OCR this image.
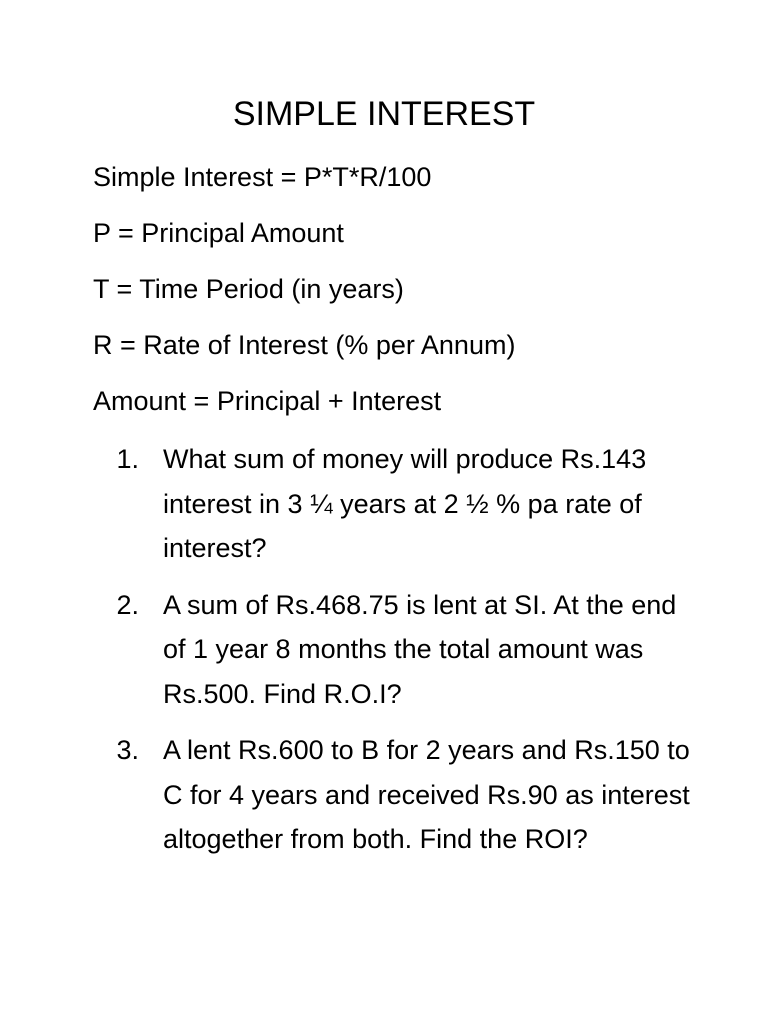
SIMPLE INTEREST

Simple Interest = P*T*R/100

P = Principal Amount

T = Time Period (in years)

R = Rate of Interest (% per Annum)

Amount = Principal + Interest

1. What sum of money will produce Rs.143 interest in 3 ¼ years at 2 ½ % pa rate of interest?
2. A sum of Rs.468.75 is lent at SI. At the end of 1 year 8 months the total amount was Rs.500. Find R.O.I?
3. A lent Rs.600 to B for 2 years and Rs.150 to C for 4 years and received Rs.90 as interest altogether from both. Find the ROI?
